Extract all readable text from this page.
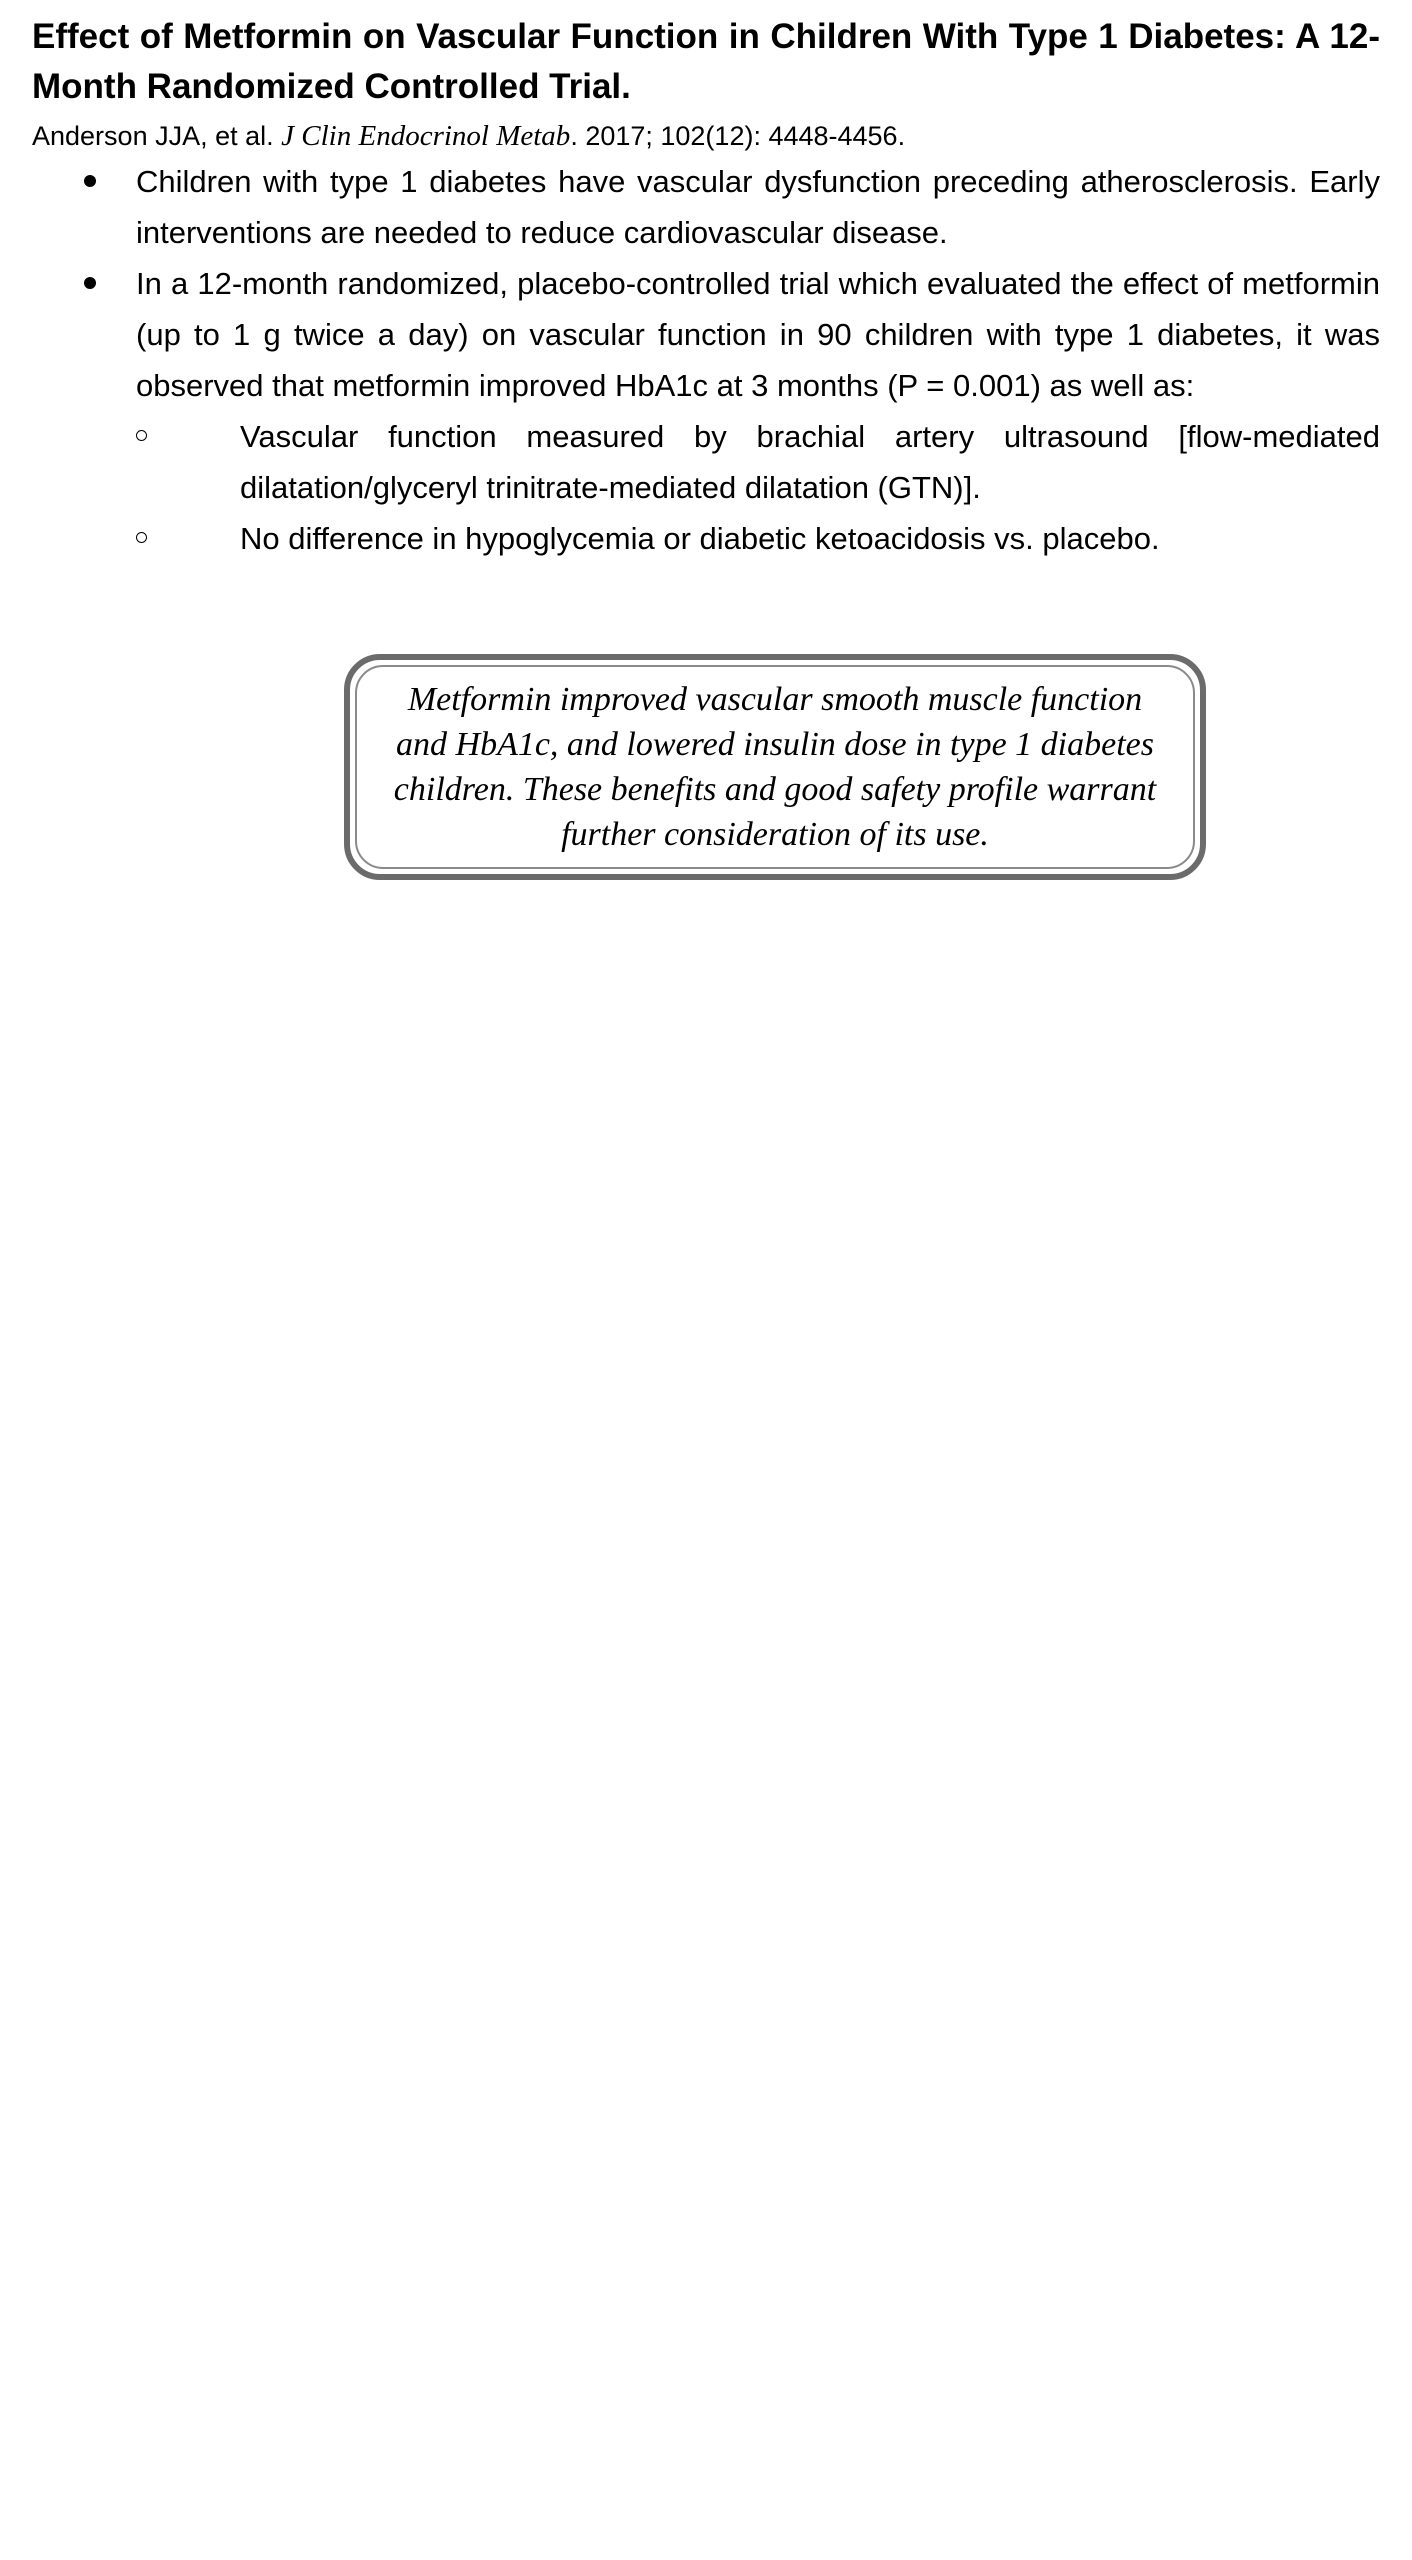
Effect of Metformin on Vascular Function in Children With Type 1 Diabetes: A 12-Month Randomized Controlled Trial.

Anderson JJA, et al. J Clin Endocrinol Metab. 2017; 102(12): 4448-4456.

Children with type 1 diabetes have vascular dysfunction preceding atherosclerosis. Early interventions are needed to reduce cardiovascular disease.
In a 12-month randomized, placebo-controlled trial which evaluated the effect of metformin (up to 1 g twice a day) on vascular function in 90 children with type 1 diabetes, it was observed that metformin improved HbA1c at 3 months (P = 0.001) as well as:
Vascular function measured by brachial artery ultrasound [flow-mediated dilatation/glyceryl trinitrate-mediated dilatation (GTN)].
No difference in hypoglycemia or diabetic ketoacidosis vs. placebo.

Metformin improved vascular smooth muscle function and HbA1c, and lowered insulin dose in type 1 diabetes children. These benefits and good safety profile warrant further consideration of its use.
